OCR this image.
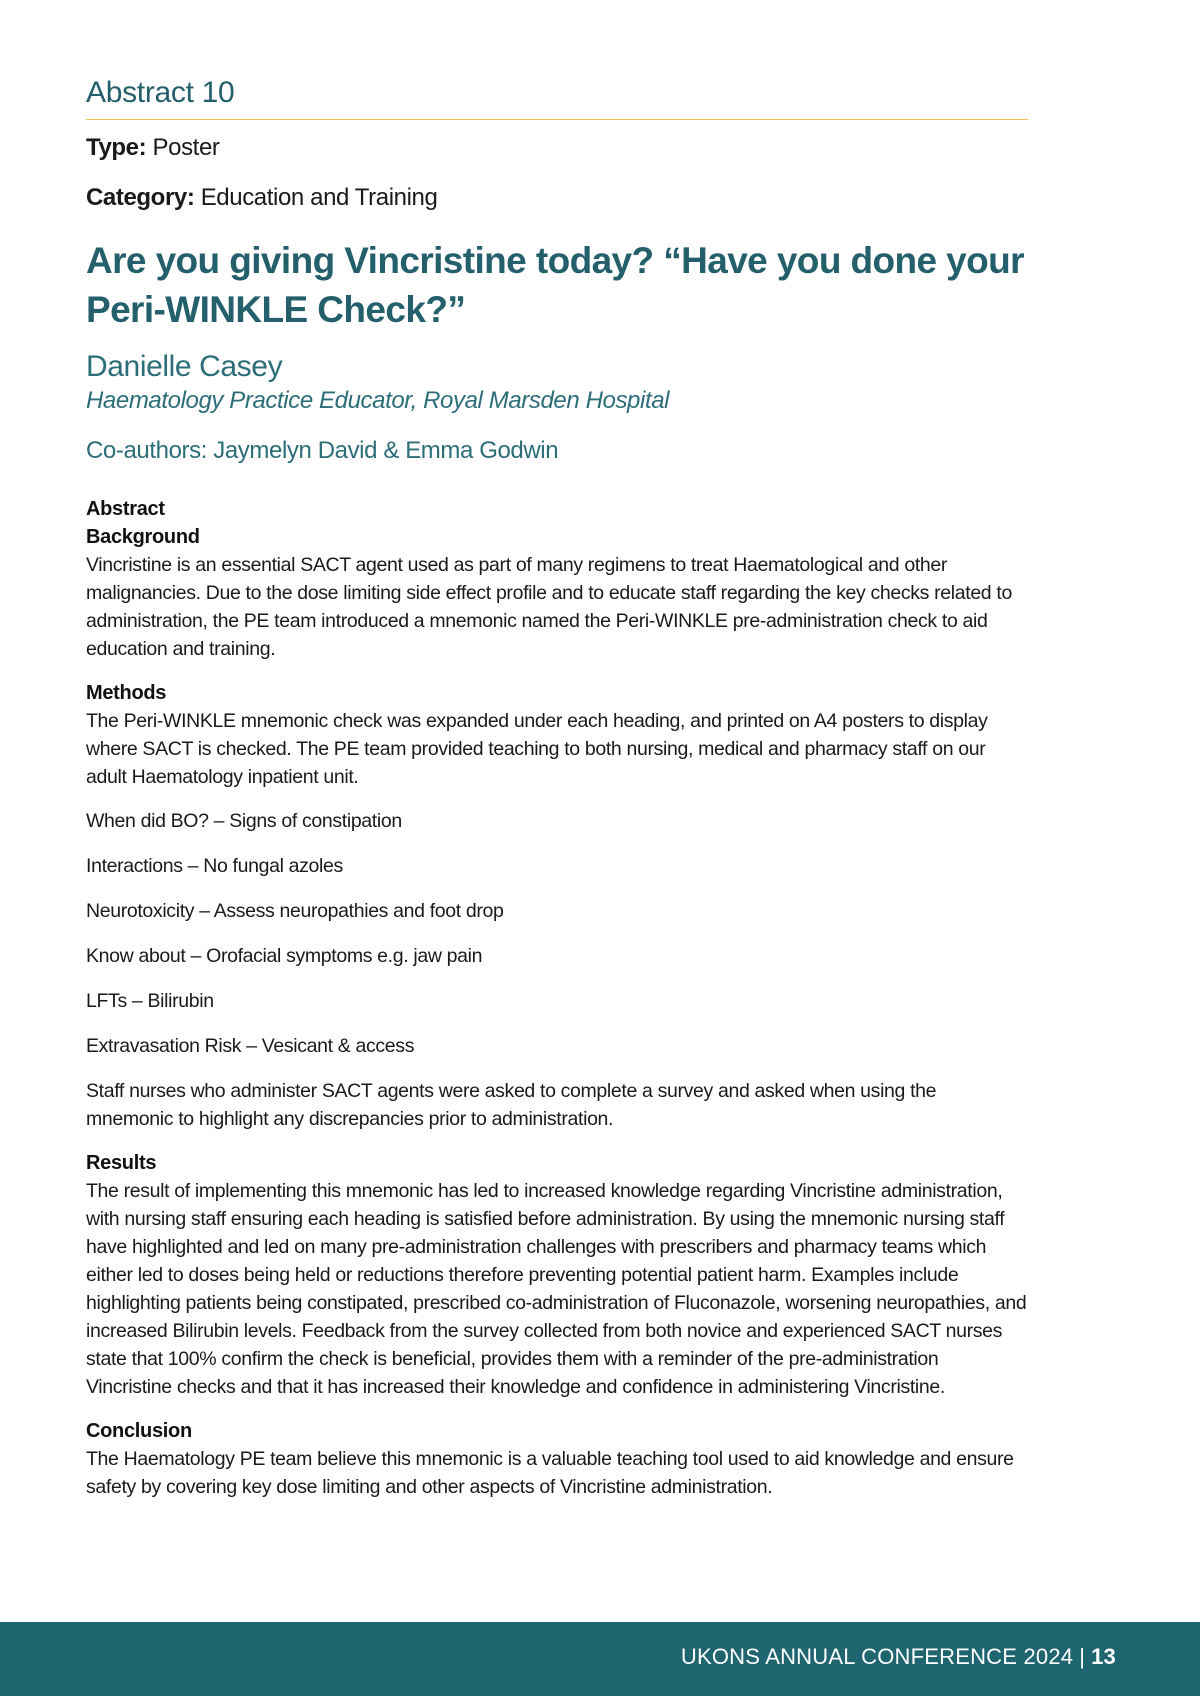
Abstract 10
Type: Poster
Category: Education and Training
Are you giving Vincristine today? “Have you done your
Peri-WINKLE Check?”
Danielle Casey
Haematology Practice Educator, Royal Marsden Hospital
Co-authors: Jaymelyn David & Emma Godwin
Abstract
Background

Vincristine is an essential SACT agent used as part of many regimens to treat Haematological and other malignancies. Due to the dose limiting side effect profile and to educate staff regarding the key checks related to administration, the PE team introduced a mnemonic named the Peri-WINKLE pre-administration check to aid education and training.

Methods

The Peri-WINKLE mnemonic check was expanded under each heading, and printed on A4 posters to display where SACT is checked. The PE team provided teaching to both nursing, medical and pharmacy staff on our adult Haematology inpatient unit.

When did BO? – Signs of constipation
Interactions – No fungal azoles
Neurotoxicity – Assess neuropathies and foot drop
Know about – Orofacial symptoms e.g. jaw pain
LFTs – Bilirubin
Extravasation Risk – Vesicant & access

Staff nurses who administer SACT agents were asked to complete a survey and asked when using the mnemonic to highlight any discrepancies prior to administration.

Results

The result of implementing this mnemonic has led to increased knowledge regarding Vincristine administration, with nursing staff ensuring each heading is satisfied before administration. By using the mnemonic nursing staff have highlighted and led on many pre-administration challenges with prescribers and pharmacy teams which either led to doses being held or reductions therefore preventing potential patient harm. Examples include highlighting patients being constipated, prescribed co-administration of Fluconazole, worsening neuropathies, and increased Bilirubin levels. Feedback from the survey collected from both novice and experienced SACT nurses state that 100% confirm the check is beneficial, provides them with a reminder of the pre-administration Vincristine checks and that it has increased their knowledge and confidence in administering Vincristine.

Conclusion

The Haematology PE team believe this mnemonic is a valuable teaching tool used to aid knowledge and ensure safety by covering key dose limiting and other aspects of Vincristine administration.

UKONS ANNUAL CONFERENCE 2024 | 13
